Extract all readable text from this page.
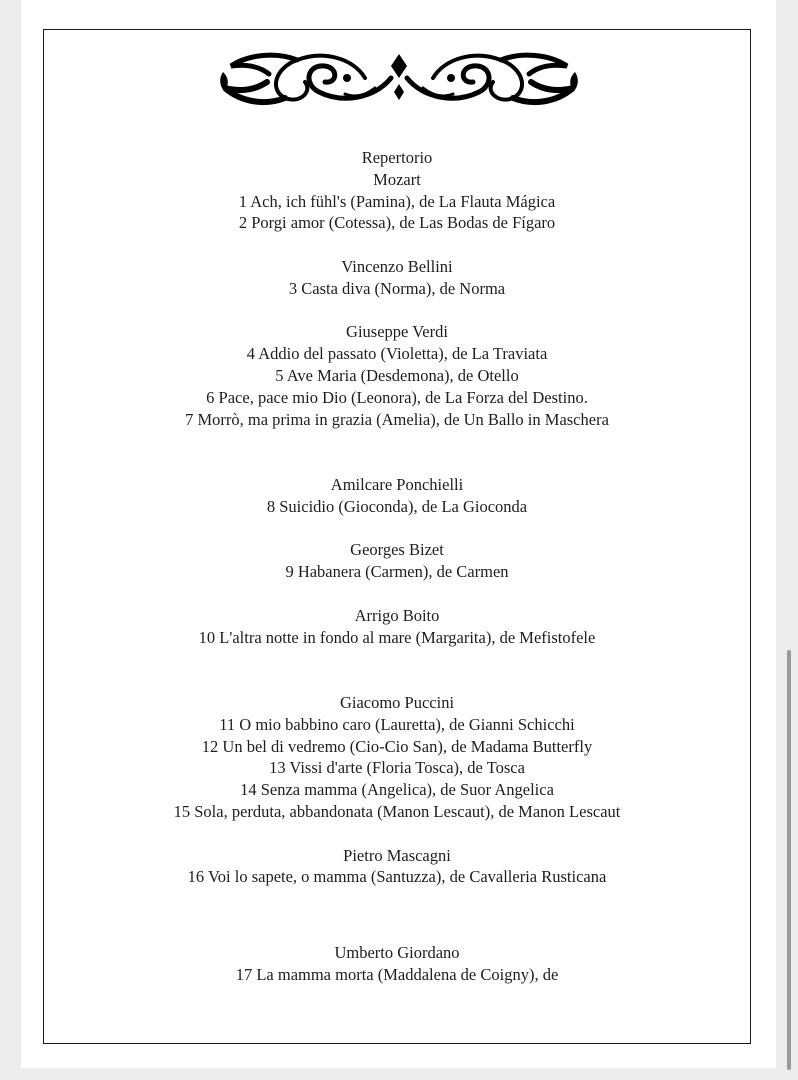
Repertorio
Mozart
1 Ach, ich fühl's (Pamina), de La Flauta Mágica
2 Porgi amor (Cotessa), de Las Bodas de Fígaro
Vincenzo Bellini
3 Casta diva (Norma), de Norma
Giuseppe Verdi
4 Addio del passato (Violetta), de La Traviata
5 Ave Maria (Desdemona), de Otello
6 Pace, pace mio Dio (Leonora), de La Forza del Destino.
7 Morrò, ma prima in grazia (Amelia), de Un Ballo in Maschera
Amilcare Ponchielli
8 Suicidio (Gioconda), de La Gioconda
Georges Bizet
9 Habanera (Carmen), de Carmen
Arrigo Boito
10 L'altra notte in fondo al mare (Margarita), de Mefistofele
Giacomo Puccini
11 O mio babbino caro (Lauretta), de Gianni Schicchi
12 Un bel di vedremo (Cio-Cio San), de Madama Butterfly
13 Vissi d'arte (Floria Tosca), de Tosca
14 Senza mamma (Angelica), de Suor Angelica
15 Sola, perduta, abbandonata (Manon Lescaut), de Manon Lescaut
Pietro Mascagni
16 Voi lo sapete, o mamma (Santuzza), de Cavalleria Rusticana
Umberto Giordano
17 La mamma morta (Maddalena de Coigny), de
